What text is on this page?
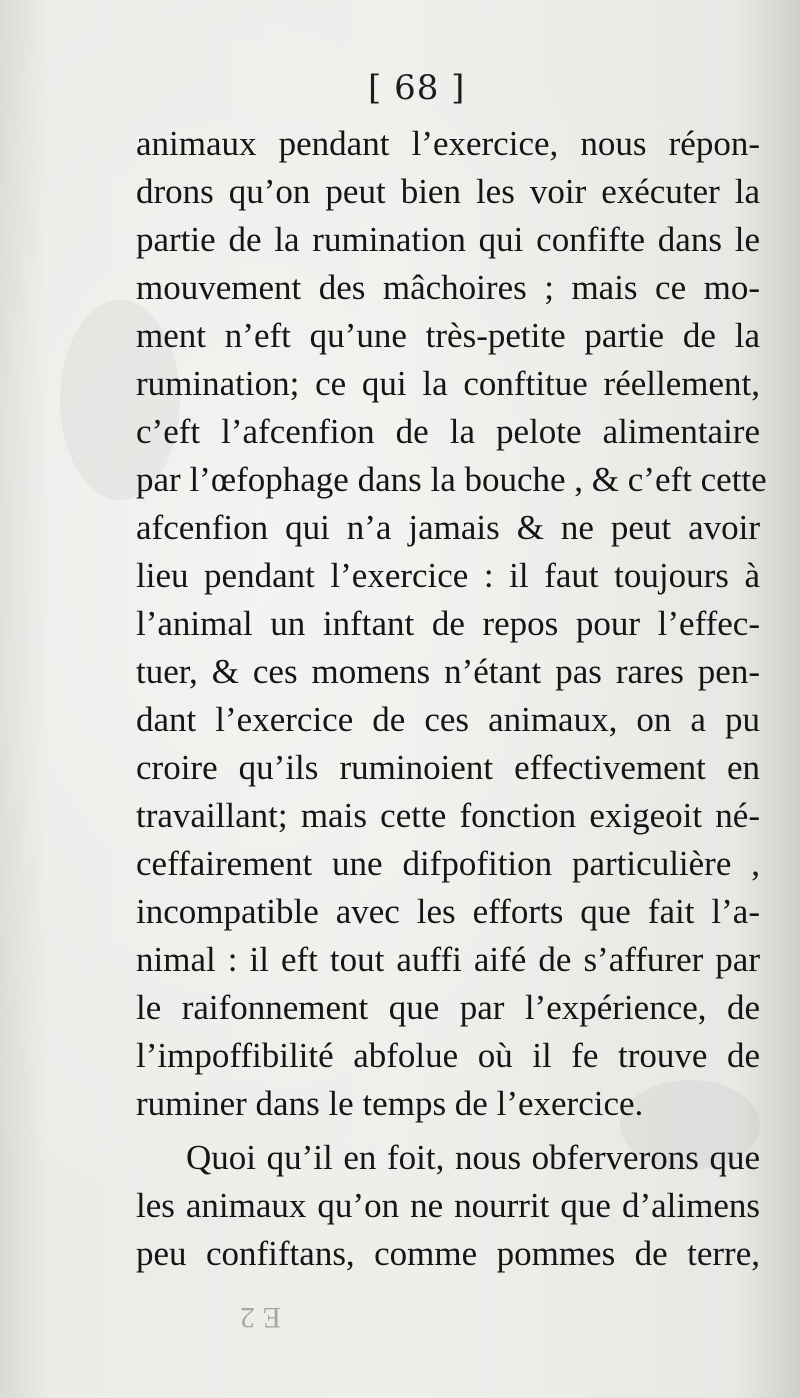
[ 68 ]
animaux pendant l’exercice, nous répon-
drons qu’on peut bien les voir exécuter la
partie de la rumination qui confifte dans le
mouvement des mâchoires ; mais ce mo-
ment n’eft qu’une très-petite partie de la
rumination; ce qui la conftitue réellement,
c’eft l’afcenfion de la pelote alimentaire
par l’œfophage dans la bouche , & c’eft cette
afcenfion qui n’a jamais & ne peut avoir
lieu pendant l’exercice : il faut toujours à
l’animal un inftant de repos pour l’effec-
tuer, & ces momens n’étant pas rares pen-
dant l’exercice de ces animaux, on a pu
croire qu’ils ruminoient effectivement en
travaillant; mais cette fonction exigeoit né-
ceffairement une difpofition particulière ,
incompatible avec les efforts que fait l’a-
nimal : il eft tout auffi aifé de s’affurer par
le raifonnement que par l’expérience, de
l’impoffibilité abfolue où il fe trouve de
ruminer dans le temps de l’exercice.
Quoi qu’il en foit, nous obferverons que
les animaux qu’on ne nourrit que d’alimens
peu confiftans, comme pommes de terre,
E 2
